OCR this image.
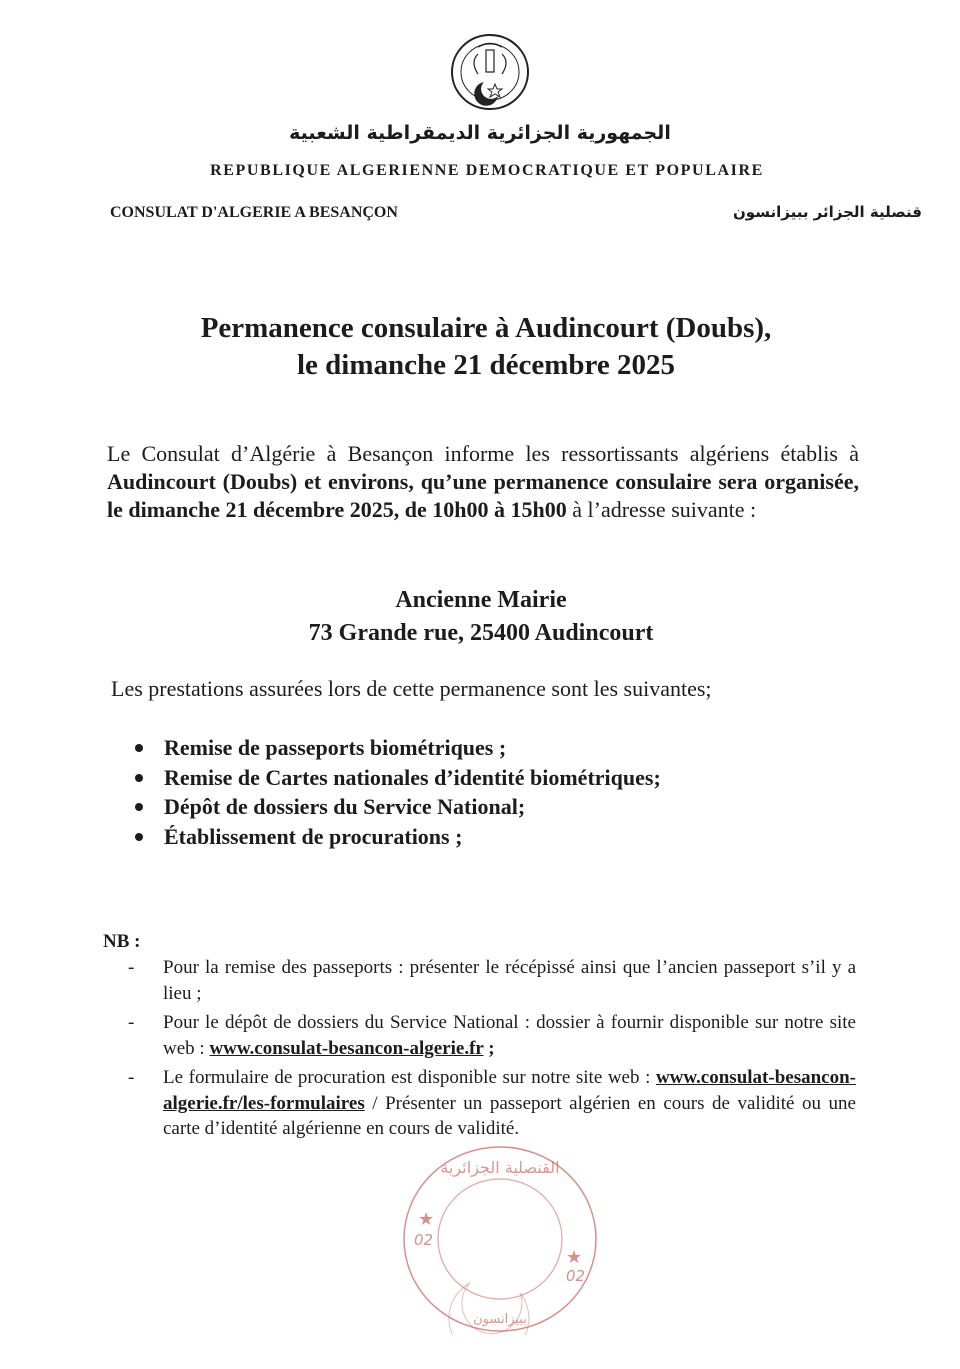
الجمهورية الجزائرية الديمقراطية الشعبية
REPUBLIQUE ALGERIENNE DEMOCRATIQUE ET POPULAIRE
CONSULAT D'ALGERIE A BESANÇON	قنصلية الجزائر ببيزانسون
Permanence consulaire à Audincourt (Doubs),
le dimanche 21 décembre 2025
Le Consulat d’Algérie à Besançon informe les ressortissants algériens établis à Audincourt (Doubs) et environs, qu’une permanence consulaire sera organisée, le dimanche 21 décembre 2025, de 10h00 à 15h00 à l’adresse suivante :
Ancienne Mairie
73 Grande rue, 25400 Audincourt
Les prestations assurées lors de cette permanence sont les suivantes;
Remise de passeports biométriques ;
Remise de Cartes nationales d’identité biométriques;
Dépôt de dossiers du Service National;
Établissement de procurations ;
NB :
- Pour la remise des passeports : présenter le récépissé ainsi que l’ancien passeport s’il y a lieu ;
- Pour le dépôt de dossiers du Service National : dossier à fournir disponible sur notre site web : www.consulat-besancon-algerie.fr ;
- Le formulaire de procuration est disponible sur notre site web : www.consulat-besancon-algerie.fr/les-formulaires / Présenter un passeport algérien en cours de validité ou une carte d’identité algérienne en cours de validité.
★
02
★
02
القنصلية الجزائرية
ببيزانسون
